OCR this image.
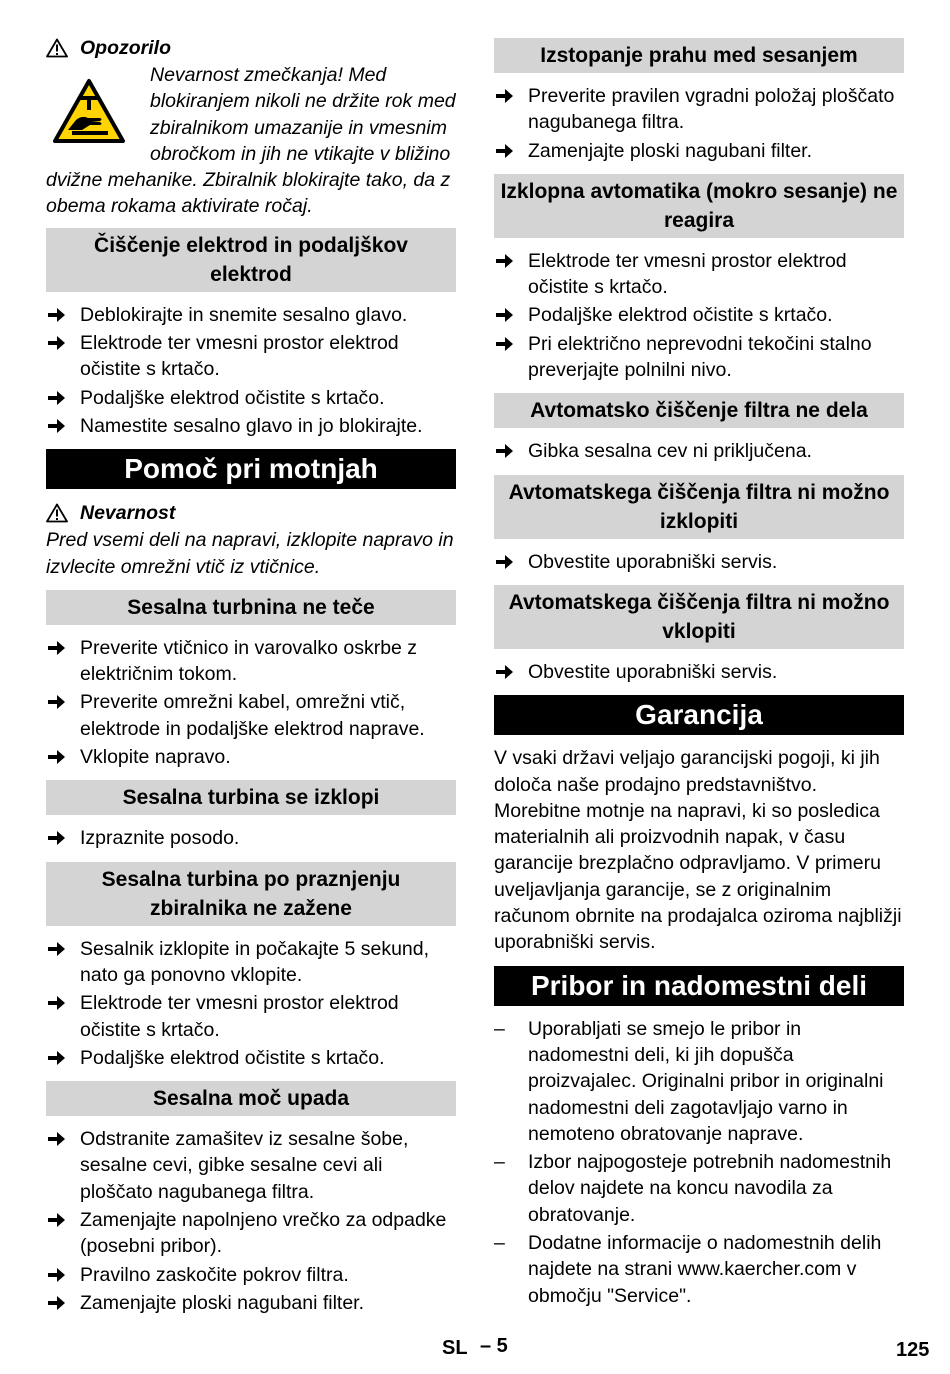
Opozorilo

Nevarnost zmečkanja! Med blokiranjem nikoli ne držite rok med zbiralnikom umazanije in vmesnim obročkom in jih ne vtikajte v bližino dvižne mehanike. Zbiralnik blokirajte tako, da z obema rokama aktivirate ročaj.

Čiščenje elektrod in podaljškov elektrod
Deblokirajte in snemite sesalno glavo.
Elektrode ter vmesni prostor elektrod očistite s krtačo.
Podaljške elektrod očistite s krtačo.
Namestite sesalno glavo in jo blokirajte.
Pomoč pri motnjah
Nevarnost

Pred vsemi deli na napravi, izklopite napravo in izvlecite omrežni vtič iz vtičnice.

Sesalna turbnina ne teče
Preverite vtičnico in varovalko oskrbe z električnim tokom.
Preverite omrežni kabel, omrežni vtič, elektrode in podaljške elektrod naprave.
Vklopite napravo.
Sesalna turbina se izklopi
Izpraznite posodo.
Sesalna turbina po praznjenju zbiralnika ne zažene
Sesalnik izklopite in počakajte 5 sekund, nato ga ponovno vklopite.
Elektrode ter vmesni prostor elektrod očistite s krtačo.
Podaljške elektrod očistite s krtačo.
Sesalna moč upada
Odstranite zamašitev iz sesalne šobe, sesalne cevi, gibke sesalne cevi ali ploščato nagubanega filtra.
Zamenjajte napolnjeno vrečko za odpadke (posebni pribor).
Pravilno zaskočite pokrov filtra.
Zamenjajte ploski nagubani filter.
Izstopanje prahu med sesanjem
Preverite pravilen vgradni položaj ploščato nagubanega filtra.
Zamenjajte ploski nagubani filter.
Izklopna avtomatika (mokro sesanje) ne reagira
Elektrode ter vmesni prostor elektrod očistite s krtačo.
Podaljške elektrod očistite s krtačo.
Pri električno neprevodni tekočini stalno preverjajte polnilni nivo.
Avtomatsko čiščenje filtra ne dela
Gibka sesalna cev ni priključena.
Avtomatskega čiščenja filtra ni možno izklopiti
Obvestite uporabniški servis.
Avtomatskega čiščenja filtra ni možno vklopiti
Obvestite uporabniški servis.
Garancija

V vsaki državi veljajo garancijski pogoji, ki jih določa naše prodajno predstavništvo. Morebitne motnje na napravi, ki so posledica materialnih ali proizvodnih napak, v času garancije brezplačno odpravljamo. V primeru uveljavljanja garancije, se z originalnim računom obrnite na prodajalca oziroma najbližji uporabniški servis.

Pribor in nadomestni deli
– Uporabljati se smejo le pribor in nadomestni deli, ki jih dopušča proizvajalec. Originalni pribor in originalni nadomestni deli zagotavljajo varno in nemoteno obratovanje naprave.
– Izbor najpogosteje potrebnih nadomestnih delov najdete na koncu navodila za obratovanje.
– Dodatne informacije o nadomestnih delih najdete na strani www.kaercher.com v območju "Service".
SL – 5	125
